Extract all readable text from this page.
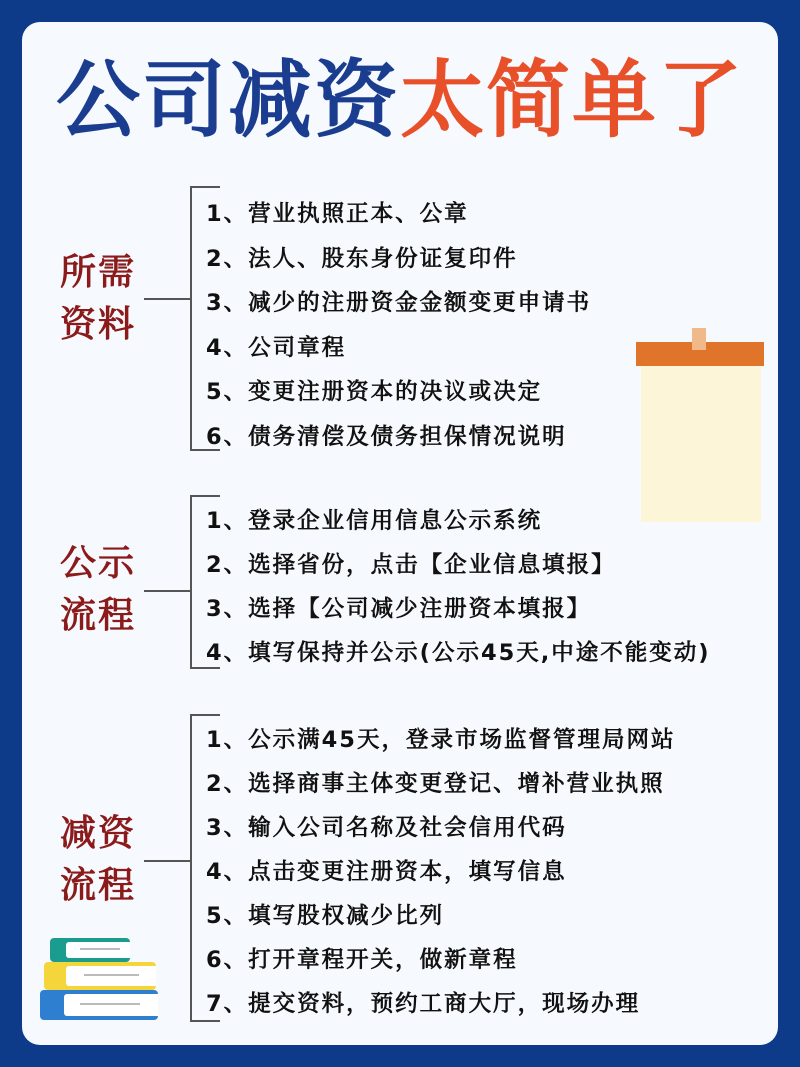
公司减资太简单了
所需
资料
1、营业执照正本、公章
2、法人、股东身份证复印件
3、减少的注册资金金额变更申请书
4、公司章程
5、变更注册资本的决议或决定
6、债务清偿及债务担保情况说明
公示
流程
1、登录企业信用信息公示系统
2、选择省份，点击【企业信息填报】
3、选择【公司减少注册资本填报】
4、填写保持并公示(公示45天,中途不能变动)
减资
流程
1、公示满45天，登录市场监督管理局网站
2、选择商事主体变更登记、增补营业执照
3、输入公司名称及社会信用代码
4、点击变更注册资本，填写信息
5、填写股权减少比列
6、打开章程开关，做新章程
7、提交资料，预约工商大厅，现场办理
